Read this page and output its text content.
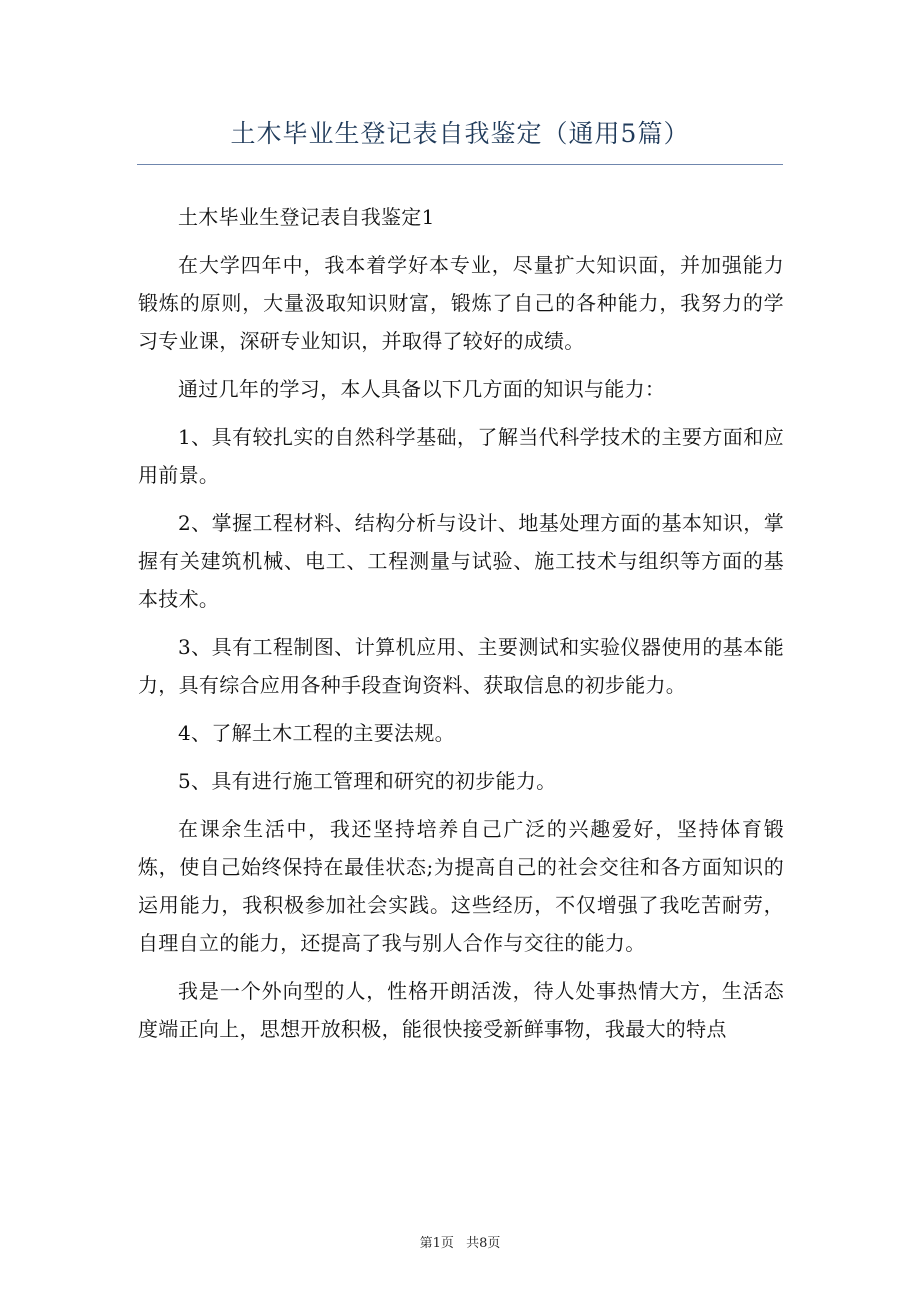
土木毕业生登记表自我鉴定（通用5篇）

土木毕业生登记表自我鉴定1

在大学四年中，我本着学好本专业，尽量扩大知识面，并加强能力锻炼的原则，大量汲取知识财富，锻炼了自己的各种能力，我努力的学习专业课，深研专业知识，并取得了较好的成绩。

通过几年的学习，本人具备以下几方面的知识与能力：

1、具有较扎实的自然科学基础，了解当代科学技术的主要方面和应用前景。

2、掌握工程材料、结构分析与设计、地基处理方面的基本知识，掌握有关建筑机械、电工、工程测量与试验、施工技术与组织等方面的基本技术。

3、具有工程制图、计算机应用、主要测试和实验仪器使用的基本能力，具有综合应用各种手段查询资料、获取信息的初步能力。

4、了解土木工程的主要法规。

5、具有进行施工管理和研究的初步能力。

在课余生活中，我还坚持培养自己广泛的兴趣爱好，坚持体育锻炼，使自己始终保持在最佳状态;为提高自己的社会交往和各方面知识的运用能力，我积极参加社会实践。这些经历，不仅增强了我吃苦耐劳，自理自立的能力，还提高了我与别人合作与交往的能力。

我是一个外向型的人，性格开朗活泼，待人处事热情大方，生活态度端正向上，思想开放积极，能很快接受新鲜事物，我最大的特点

第1页 共8页
